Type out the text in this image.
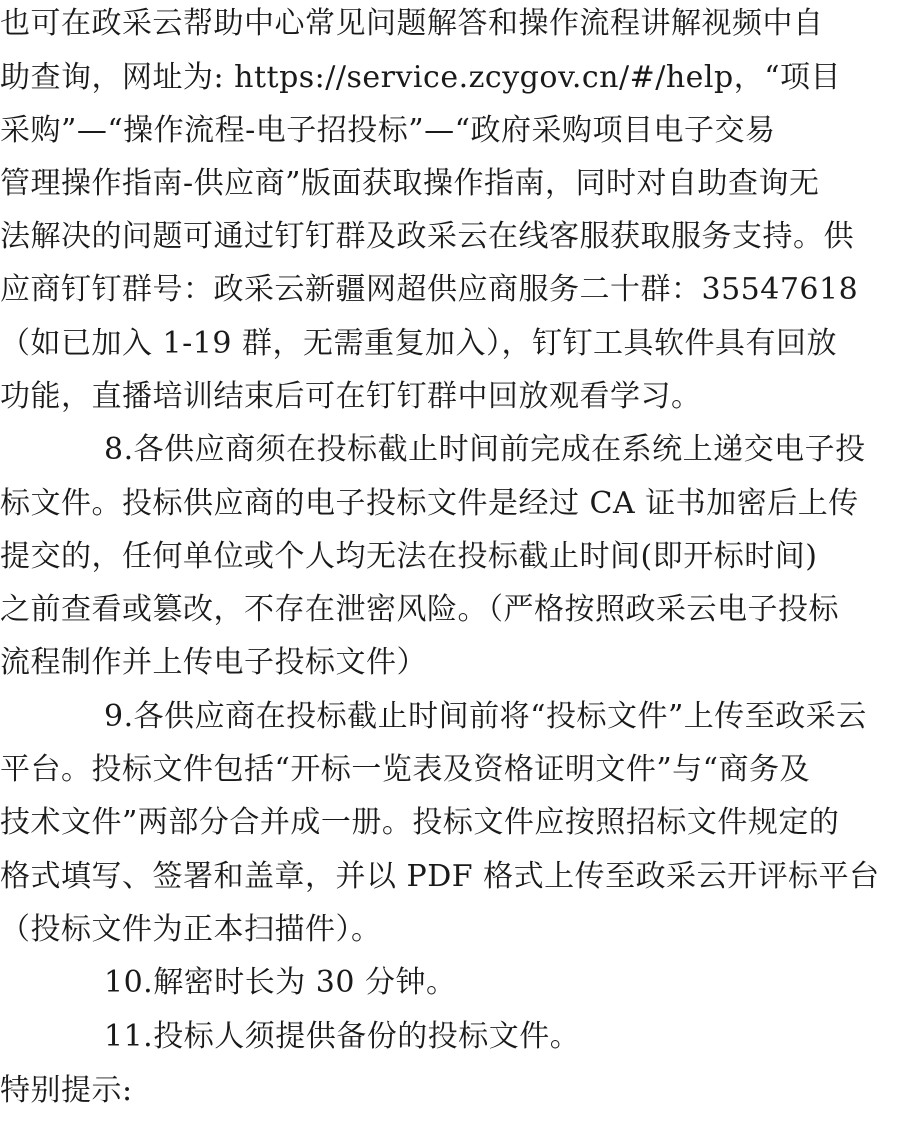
也可在政采云帮助中心常见问题解答和操作流程讲解视频中自
助查询，网址为: https://service.zcygov.cn/#/help，“项目
采购”—“操作流程-电子招投标”—“政府采购项目电子交易
管理操作指南-供应商”版面获取操作指南，同时对自助查询无
法解决的问题可通过钉钉群及政采云在线客服获取服务支持。供
应商钉钉群号：政采云新疆网超供应商服务二十群：35547618
（如已加入 1-19 群，无需重复加入），钉钉工具软件具有回放
功能，直播培训结束后可在钉钉群中回放观看学习。
8.各供应商须在投标截止时间前完成在系统上递交电子投
标文件。投标供应商的电子投标文件是经过 CA 证书加密后上传
提交的，任何单位或个人均无法在投标截止时间(即开标时间)
之前查看或篡改，不存在泄密风险。（严格按照政采云电子投标
流程制作并上传电子投标文件）
9.各供应商在投标截止时间前将“投标文件”上传至政采云
平台。投标文件包括“开标一览表及资格证明文件”与“商务及
技术文件”两部分合并成一册。投标文件应按照招标文件规定的
格式填写、签署和盖章，并以 PDF 格式上传至政采云开评标平台
（投标文件为正本扫描件）。
10.解密时长为 30 分钟。
11.投标人须提供备份的投标文件。
特别提示:
